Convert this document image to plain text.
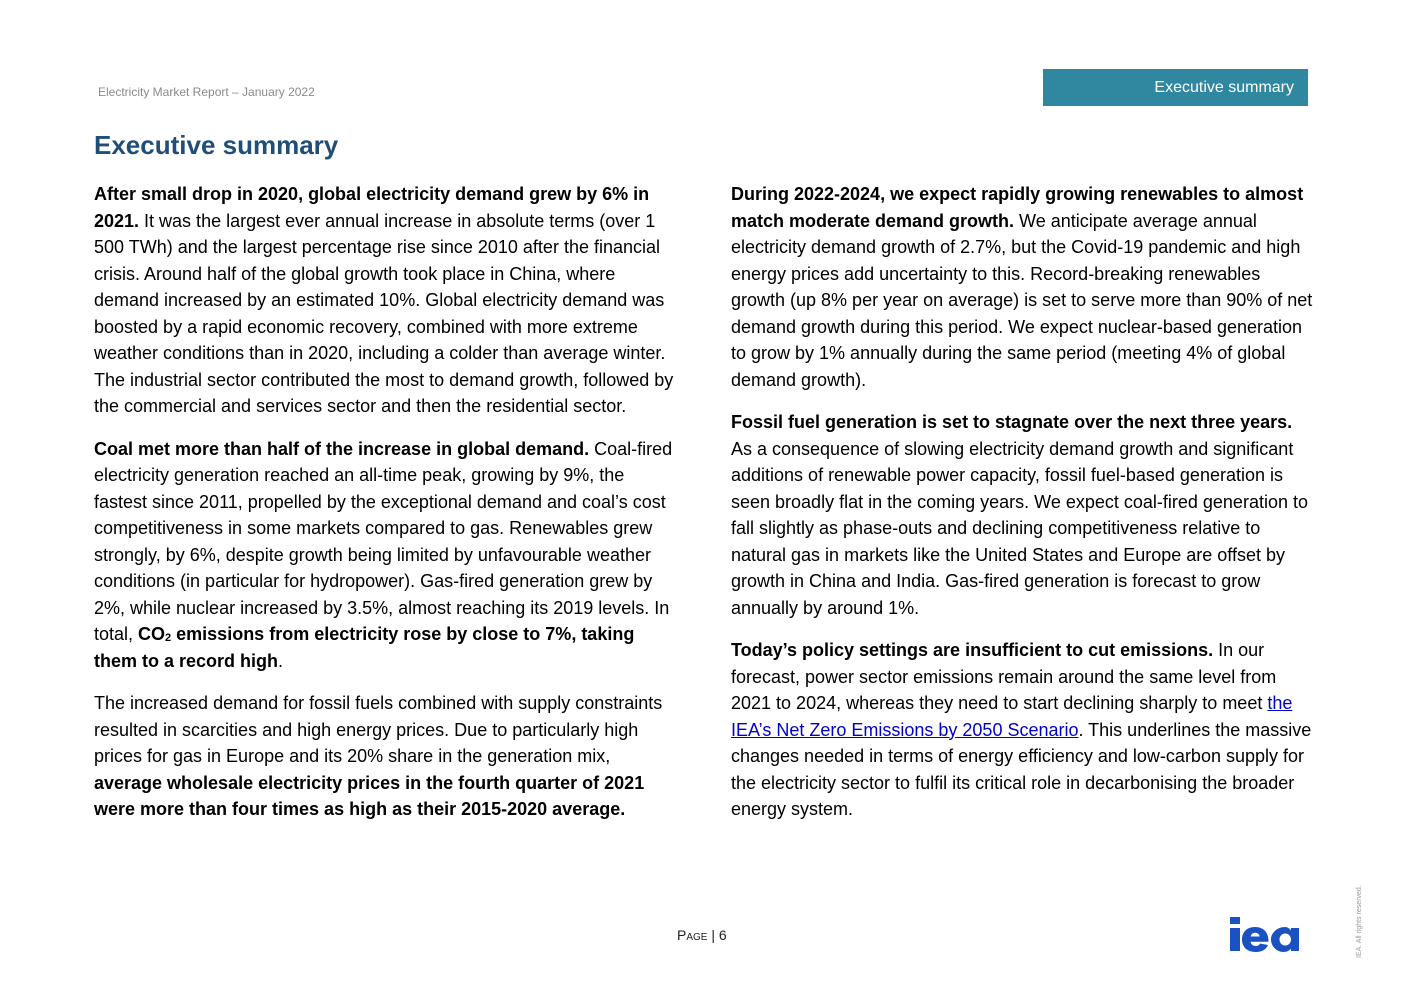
Electricity Market Report – January 2022	Executive summary
Executive summary

After small drop in 2020, global electricity demand grew by 6% in 2021. It was the largest ever annual increase in absolute terms (over 1 500 TWh) and the largest percentage rise since 2010 after the financial crisis. Around half of the global growth took place in China, where demand increased by an estimated 10%. Global electricity demand was boosted by a rapid economic recovery, combined with more extreme weather conditions than in 2020, including a colder than average winter. The industrial sector contributed the most to demand growth, followed by the commercial and services sector and then the residential sector.

Coal met more than half of the increase in global demand. Coal-fired electricity generation reached an all-time peak, growing by 9%, the fastest since 2011, propelled by the exceptional demand and coal’s cost competitiveness in some markets compared to gas. Renewables grew strongly, by 6%, despite growth being limited by unfavourable weather conditions (in particular for hydropower). Gas-fired generation grew by 2%, while nuclear increased by 3.5%, almost reaching its 2019 levels. In total, $CO_2$ emissions from electricity rose by close to 7%, taking them to a record high.

The increased demand for fossil fuels combined with supply constraints resulted in scarcities and high energy prices. Due to particularly high prices for gas in Europe and its 20% share in the generation mix, average wholesale electricity prices in the fourth quarter of 2021 were more than four times as high as their 2015-2020 average.

During 2022-2024, we expect rapidly growing renewables to almost match moderate demand growth. We anticipate average annual electricity demand growth of 2.7%, but the Covid-19 pandemic and high energy prices add uncertainty to this. Record-breaking renewables growth (up 8% per year on average) is set to serve more than 90% of net demand growth during this period. We expect nuclear-based generation to grow by 1% annually during the same period (meeting 4% of global demand growth).

Fossil fuel generation is set to stagnate over the next three years. As a consequence of slowing electricity demand growth and significant additions of renewable power capacity, fossil fuel-based generation is seen broadly flat in the coming years. We expect coal-fired generation to fall slightly as phase-outs and declining competitiveness relative to natural gas in markets like the United States and Europe are offset by growth in China and India. Gas-fired generation is forecast to grow annually by around 1%.

Today’s policy settings are insufficient to cut emissions. In our forecast, power sector emissions remain around the same level from 2021 to 2024, whereas they need to start declining sharply to meet the IEA’s Net Zero Emissions by 2050 Scenario. This underlines the massive changes needed in terms of energy efficiency and low-carbon supply for the electricity sector to fulfil its critical role in decarbonising the broader energy system.

Page | 6
iea	IEA. All rights reserved.
